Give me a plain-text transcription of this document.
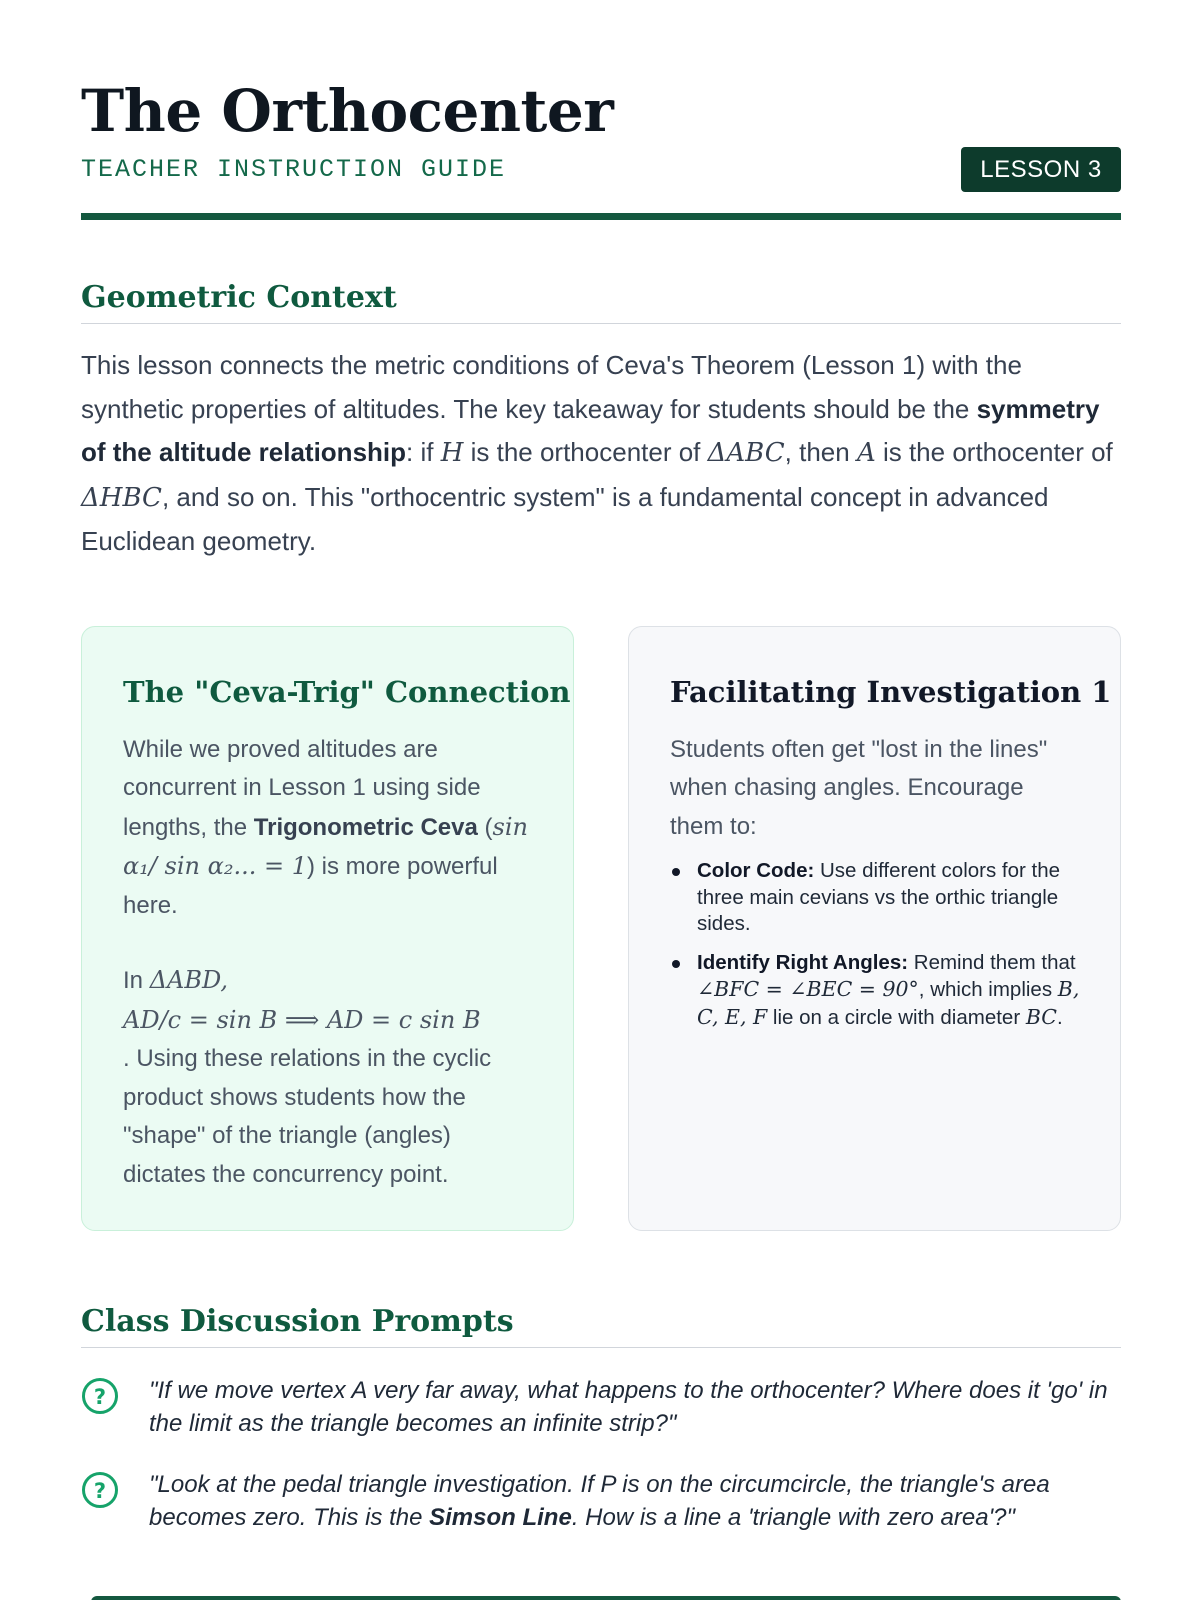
The Orthocenter
TEACHER INSTRUCTION GUIDE	LESSON 3
Geometric Context

This lesson connects the metric conditions of Ceva's Theorem (Lesson 1) with the synthetic properties of altitudes. The key takeaway for students should be the symmetry of the altitude relationship: if H is the orthocenter of ΔABC, then A is the orthocenter of ΔHBC, and so on. This "orthocentric system" is a fundamental concept in advanced Euclidean geometry.

The "Ceva-Trig" Connection

While we proved altitudes are concurrent in Lesson 1 using side lengths, the Trigonometric Ceva (sin α₁/ sin α₂... = 1) is more powerful here.

In ΔABD,
AD/c = sin B ⟹ AD = c sin B
. Using these relations in the cyclic product shows students how the "shape" of the triangle (angles) dictates the concurrency point.

Facilitating Investigation 1

Students often get "lost in the lines" when chasing angles. Encourage them to:

Color Code: Use different colors for the three main cevians vs the orthic triangle sides.
Identify Right Angles: Remind them that ∠BFC = ∠BEC = 90°, which implies B, C, E, F lie on a circle with diameter BC.
Class Discussion Prompts
? "If we move vertex A very far away, what happens to the orthocenter? Where does it 'go' in the limit as the triangle becomes an infinite strip?"
? "Look at the pedal triangle investigation. If P is on the circumcircle, the triangle's area becomes zero. This is the Simson Line. How is a line a 'triangle with zero area'?"
